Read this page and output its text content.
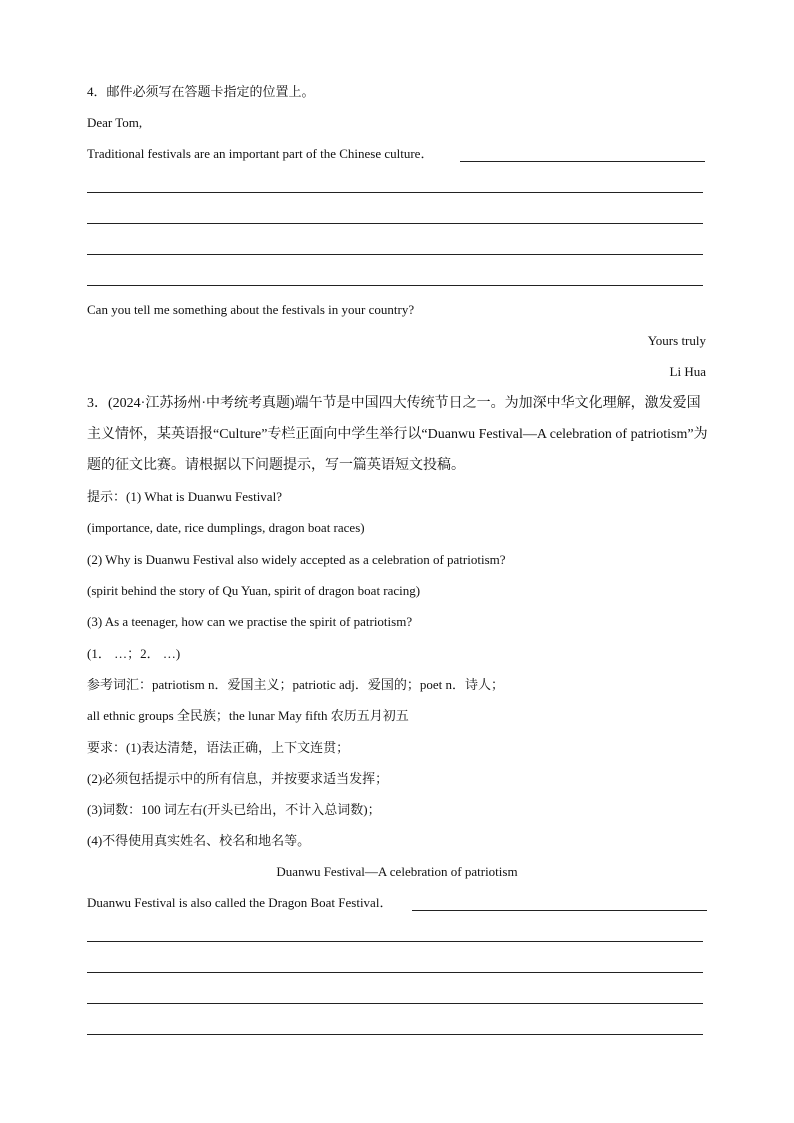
4．邮件必须写在答题卡指定的位置上。
Dear Tom,
Traditional festivals are an important part of the Chinese culture．
Can you tell me something about the festivals in your country?
Yours truly
Li Hua
3．(2024·江苏扬州·中考统考真题)端午节是中国四大传统节日之一。为加深中华文化理解，激发爱国
主义情怀，某英语报“Culture”专栏正面向中学生举行以“Duanwu Festival—A celebration of patriotism”为
题的征文比赛。请根据以下问题提示，写一篇英语短文投稿。
提示：(1) What is Duanwu Festival?
(importance, date, rice dumplings, dragon boat races)
(2) Why is Duanwu Festival also widely accepted as a celebration of patriotism?
(spirit behind the story of Qu Yuan, spirit of dragon boat racing)
(3) As a teenager, how can we practise the spirit of patriotism?
(1． …；2． …)
参考词汇：patriotism n．爱国主义；patriotic adj．爱国的；poet n．诗人；
all ethnic groups 全民族；the lunar May fifth 农历五月初五
要求：(1)表达清楚，语法正确，上下文连贯；
(2)必须包括提示中的所有信息，并按要求适当发挥；
(3)词数：100 词左右(开头已给出，不计入总词数)；
(4)不得使用真实姓名、校名和地名等。
Duanwu Festival—A celebration of patriotism
Duanwu Festival is also called the Dragon Boat Festival．
